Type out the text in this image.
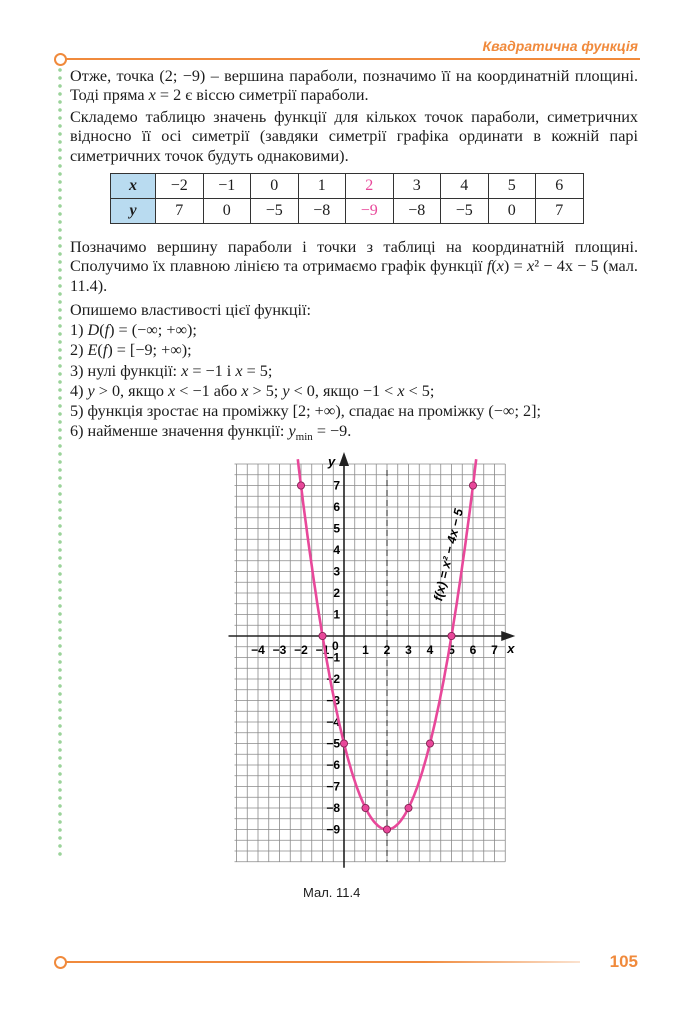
Квадратична функція

Отже, точка (2; −9) – вершина параболи, позначимо її на координатній площині. Тоді пряма x = 2 є віссю симетрії параболи.

Складемо таблицю значень функції для кількох точок параболи, симетричних відносно її осі симетрії (завдяки симетрії графіка ординати в кожній парі симетричних точок будуть однаковими).

x	−2	−1	0	1	2	3	4	5	6
y	7	0	−5	−8	−9	−8	−5	0	7

Позначимо вершину параболи і точки з таблиці на координатній площині. Сполучимо їх плавною лінією та отримаємо графік функції f(x) = x² − 4x − 5 (мал. 11.4).

Опишемо властивості цієї функції:
1) D(f) = (−∞; +∞);
2) E(f) = [−9; +∞);
3) нулі функції: x = −1 і x = 5;
4) y > 0, якщо x < −1 або x > 5; y < 0, якщо −1 < x < 5;
5) функція зростає на проміжку [2; +∞), спадає на проміжку (−∞; 2];
6) найменше значення функції: $y_{min} = -9$.
x
y
0
−4 −3 −2 −1	1 2 3 4 5 6 7
7
6
5
4
3
2
1
−1
−2
−3
−4
−5
−6
−7
−8
−9
f(x) = x² − 4x − 5
Мал. 11.4
105
